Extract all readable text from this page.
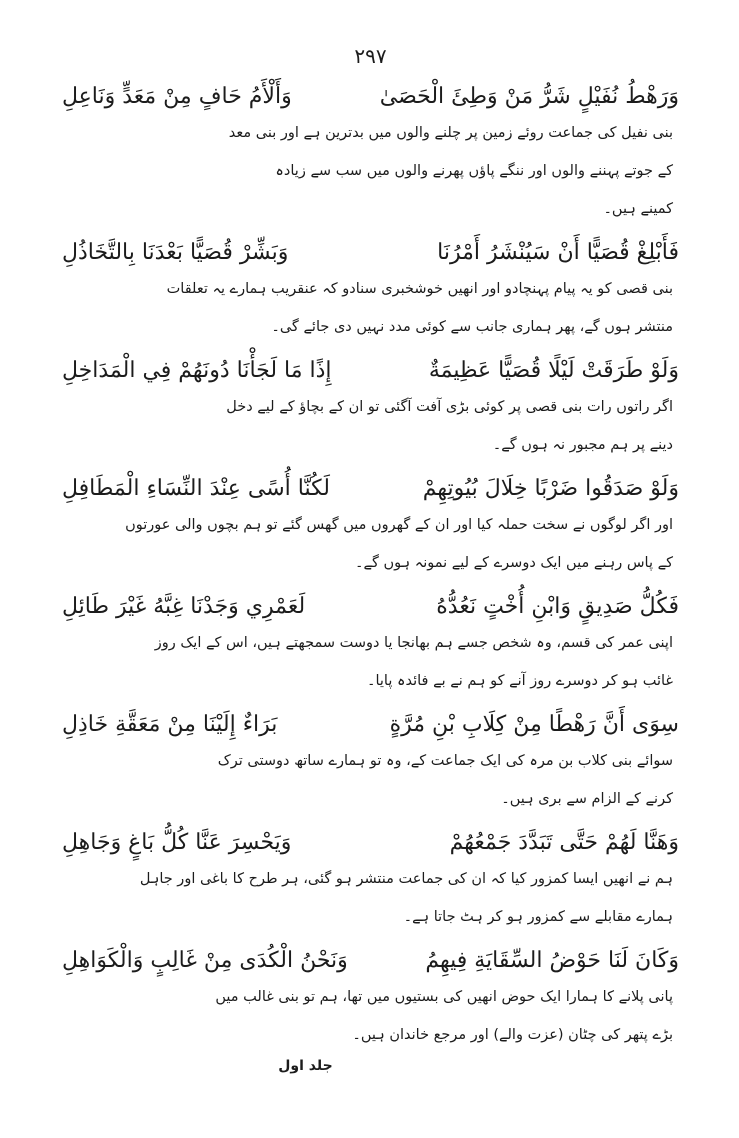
۲۹۷
وَرَهْطُ نُفَيْلٍ شَرُّ مَنْ وَطِئَ الْحَصَىٰ
وَأَلْأَمُ حَافٍ مِنْ مَعَدٍّ وَنَاعِلِ
بنی نفیل کی جماعت روئے زمین پر چلنے والوں میں بدترین ہے اور بنی معد
کے جوتے پہننے والوں اور ننگے پاؤں پھرنے والوں میں سب سے زیادہ
کمینے ہیں۔
فَأَبْلِغْ قُصَيًّا أَنْ سَيُنْشَرُ أَمْرُنَا
وَبَشِّرْ قُصَيًّا بَعْدَنَا بِالتَّخَاذُلِ
بنی قصی کو یہ پیام پہنچادو اور انھیں خوشخبری سنادو کہ عنقریب ہمارے یہ تعلقات
منتشر ہوں گے، پھر ہماری جانب سے کوئی مدد نہیں دی جائے گی۔
وَلَوْ طَرَقَتْ لَيْلًا قُصَيًّا عَظِيمَةٌ
إِذًا مَا لَجَأْنَا دُونَهُمْ فِي الْمَدَاخِلِ
اگر راتوں رات بنی قصی پر کوئی بڑی آفت آگئی تو ان کے بچاؤ کے لیے دخل
دینے پر ہم مجبور نہ ہوں گے۔
وَلَوْ صَدَقُوا ضَرْبًا خِلَالَ بُيُوتِهِمْ
لَكُنَّا أُسًى عِنْدَ النِّسَاءِ الْمَطَافِلِ
اور اگر لوگوں نے سخت حملہ کیا اور ان کے گھروں میں گھس گئے تو ہم بچوں والی عورتوں
کے پاس رہنے میں ایک دوسرے کے لیے نمونہ ہوں گے۔
فَكُلُّ صَدِيقٍ وَابْنِ أُخْتٍ نَعُدُّهُ
لَعَمْرِي وَجَدْنَا غِبَّهُ غَيْرَ طَائِلِ
اپنی عمر کی قسم، وہ شخص جسے ہم بھانجا یا دوست سمجھتے ہیں، اس کے ایک روز
غائب ہو کر دوسرے روز آنے کو ہم نے بے فائدہ پایا۔
سِوَى أَنَّ رَهْطًا مِنْ كِلَابِ بْنِ مُرَّةٍ
بَرَاءٌ إِلَيْنَا مِنْ مَعَقَّةِ خَاذِلِ
سوائے بنی کلاب بن مرہ کی ایک جماعت کے، وہ تو ہمارے ساتھ دوستی ترک
کرنے کے الزام سے بری ہیں۔
وَهَنَّا لَهُمْ حَتَّى تَبَدَّدَ جَمْعُهُمْ
وَيَحْسِرَ عَنَّا كُلُّ بَاغٍ وَجَاهِلِ
ہم نے انھیں ایسا کمزور کیا کہ ان کی جماعت منتشر ہو گئی، ہر طرح کا باغی اور جاہل
ہمارے مقابلے سے کمزور ہو کر ہٹ جاتا ہے۔
وَكَانَ لَنَا حَوْضُ السِّقَايَةِ فِيهِمُ
وَنَحْنُ الْكُدَى مِنْ غَالِبٍ وَالْكَوَاهِلِ
پانی پلانے کا ہمارا ایک حوض انھیں کی بستیوں میں تھا، ہم تو بنی غالب میں
بڑے پتھر کی چٹان (عزت والے) اور مرجع خاندان ہیں۔
جلد اول
